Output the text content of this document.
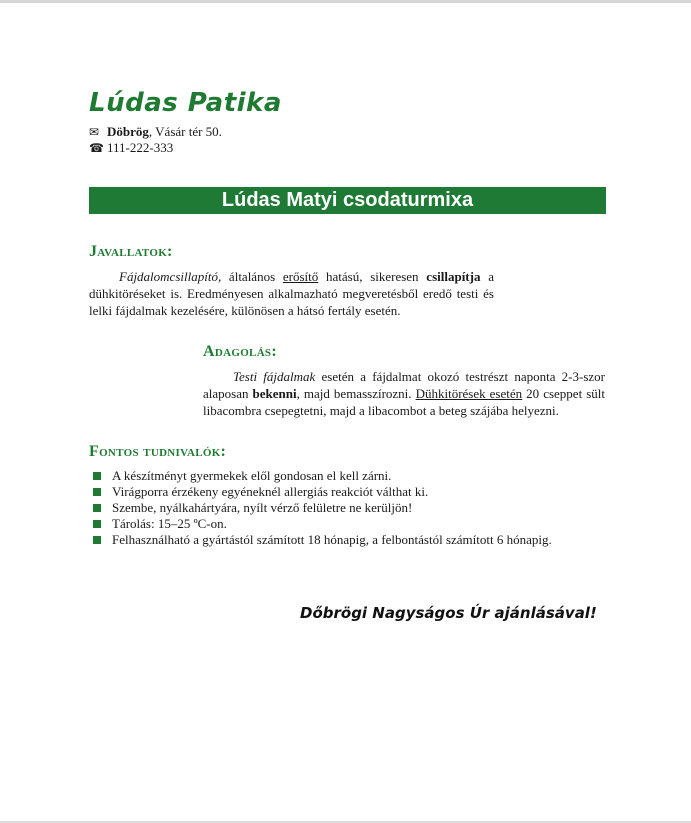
Lúdas Patika
✉ Döbrög, Vásár tér 50.
☎ 111-222-333
Lúdas Matyi csodaturmixa
Javallatok:
Fájdalomcsillapító, általános erősítő hatású, sikeresen csillapítja a dühkitöréseket is. Eredményesen alkalmazható megveretésből eredő testi és lelki fájdalmak kezelésére, különösen a hátsó fertály esetén.
Adagolás:
Testi fájdalmak esetén a fájdalmat okozó testrészt naponta 2-3-szor alaposan bekenni, majd bemasszírozni. Dühkitörések esetén 20 cseppet sült libacombra csepegtetni, majd a libacombot a beteg szájába helyezni.
Fontos tudnivalók:
A készítményt gyermekek elől gondosan el kell zárni.
Virágporra érzékeny egyéneknél allergiás reakciót válthat ki.
Szembe, nyálkahártyára, nyílt vérző felületre ne kerüljön!
Tárolás: 15–25 ºC-on.
Felhasználható a gyártástól számított 18 hónapig, a felbontástól számított 6 hónapig.
Dőbrögi Nagyságos Úr ajánlásával!
